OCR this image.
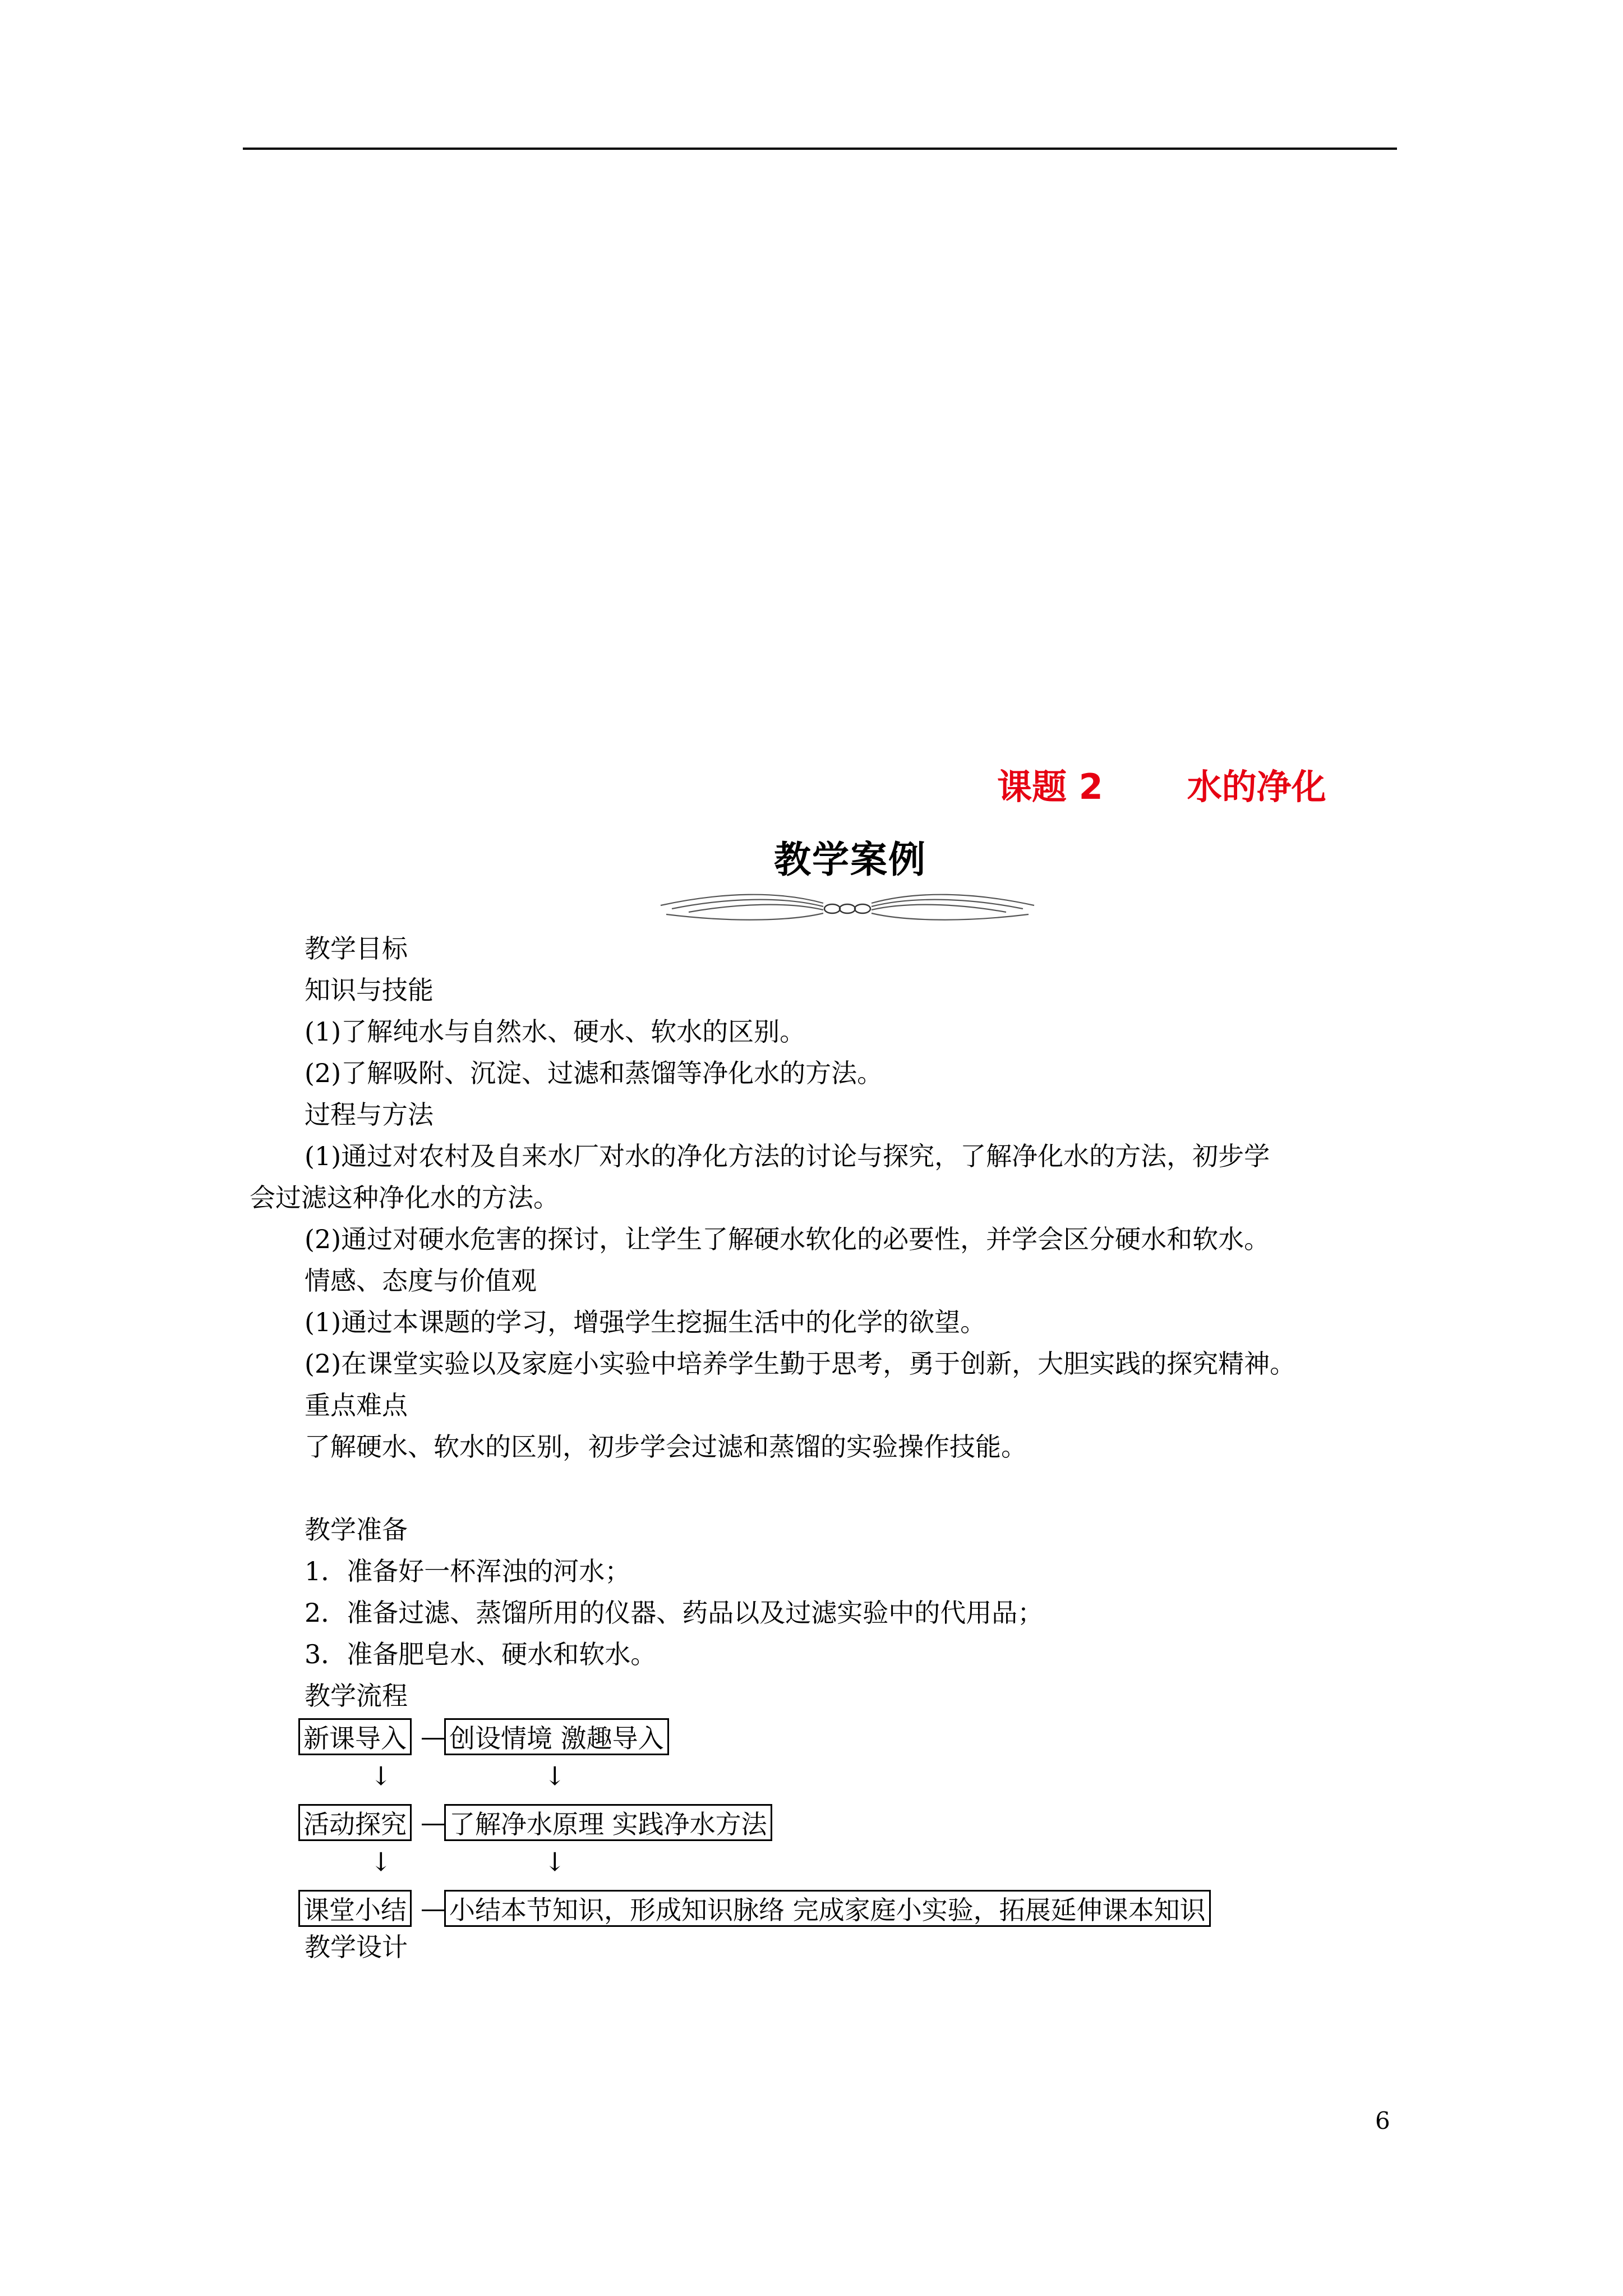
课题 2 水的净化
教学案例
教学目标
知识与技能
(1)了解纯水与自然水、硬水、软水的区别。
(2)了解吸附、沉淀、过滤和蒸馏等净化水的方法。
过程与方法
(1)通过对农村及自来水厂对水的净化方法的讨论与探究，了解净化水的方法，初步学
会过滤这种净化水的方法。
(2)通过对硬水危害的探讨，让学生了解硬水软化的必要性，并学会区分硬水和软水。
情感、态度与价值观
(1)通过本课题的学习，增强学生挖掘生活中的化学的欲望。
(2)在课堂实验以及家庭小实验中培养学生勤于思考，勇于创新，大胆实践的探究精神。
重点难点
了解硬水、软水的区别，初步学会过滤和蒸馏的实验操作技能。
教学准备
1．准备好一杯浑浊的河水；
2．准备过滤、蒸馏所用的仪器、药品以及过滤实验中的代用品；
3．准备肥皂水、硬水和软水。
教学流程
新课导入 创设情境 激趣导入
↓	↓
活动探究 了解净水原理 实践净水方法
↓	↓
课堂小结 小结本节知识，形成知识脉络 完成家庭小实验，拓展延伸课本知识
教学设计
6
